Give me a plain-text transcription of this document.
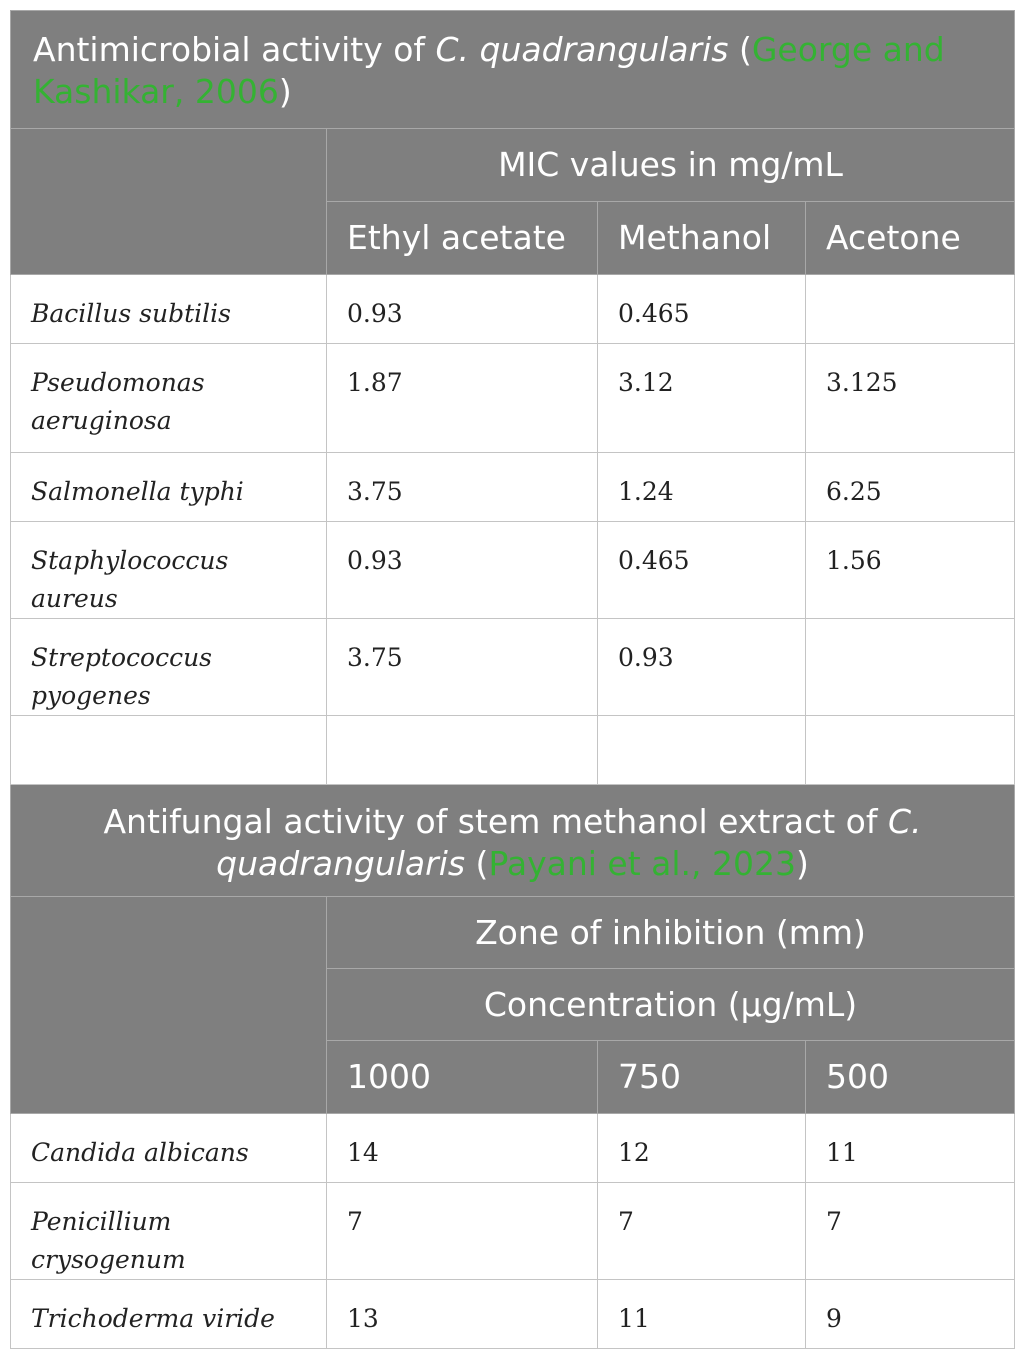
Antimicrobial activity of C. quadrangularis (George and Kashikar, 2006)			
	MIC values in mg/mL		
	Ethyl acetate	Methanol	Acetone
Bacillus subtilis	0.93	0.465	
Pseudomonas aeruginosa	1.87	3.12	3.125
Salmonella typhi	3.75	1.24	6.25
Staphylococcus aureus	0.93	0.465	1.56
Streptococcus pyogenes	3.75	0.93	

Antifungal activity of stem methanol extract of C. quadrangularis (Payani et al., 2023)			
	Zone of inhibition (mm)		
	Concentration (µg/mL)		
	1000	750	500
Candida albicans	14	12	11
Penicillium crysogenum	7	7	7
Trichoderma viride	13	11	9
